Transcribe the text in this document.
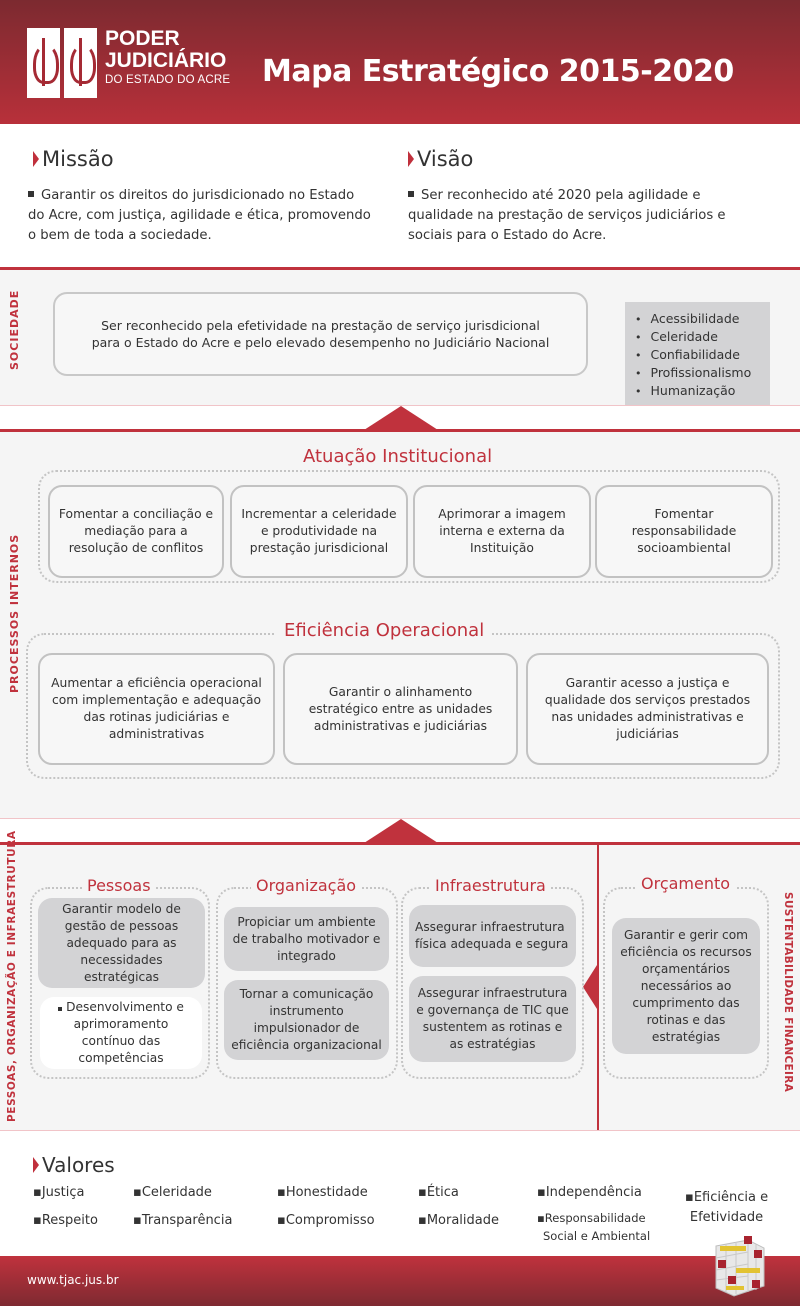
PODER
JUDICIÁRIO
DO ESTADO DO ACRE Mapa Estratégico 2015-2020
Missão
Garantir os direitos do jurisdicionado no Estado do Acre, com justiça, agilidade e ética, promovendo o bem de toda a sociedade.
Visão
Ser reconhecido até 2020 pela agilidade e qualidade na prestação de serviços judiciários e sociais para o Estado do Acre.
SOCIEDADE	Ser reconhecido pela efetividade na prestação de serviço jurisdicional
para o Estado do Acre e pelo elevado desempenho no Judiciário Nacional
• Acessibilidade
• Celeridade
• Confiabilidade
• Profissionalismo
• Humanização
PROCESSOS INTERNOS
Atuação Institucional
Fomentar a conciliação e mediação para a resolução de conflitos
Incrementar a celeridade e produtividade na prestação jurisdicional
Aprimorar a imagem interna e externa da Instituição
Fomentar responsabilidade socioambiental
Eficiência Operacional
Aumentar a eficiência operacional com implementação e adequação das rotinas judiciárias e administrativas
Garantir o alinhamento estratégico entre as unidades administrativas e judiciárias
Garantir acesso a justiça e qualidade dos serviços prestados nas unidades administrativas e judiciárias
PESSOAS, ORGANIZAÇÃO E INFRAESTRUTURA	Pessoas
Garantir modelo de gestão de pessoas adequado para as necessidades estratégicas
Desenvolvimento e aprimoramento contínuo das competências
Organização
Propiciar um ambiente de trabalho motivador e integrado
Tornar a comunicação instrumento impulsionador de eficiência organizacional
Infraestrutura
Assegurar infraestrutura física adequada e segura
Assegurar infraestrutura e governança de TIC que sustentem as rotinas e as estratégias
Orçamento
Garantir e gerir com eficiência os recursos orçamentários necessários ao cumprimento das rotinas e das estratégias	SUSTENTABILIDADE FINANCEIRA
Valores
▪Justiça
▪Respeito
▪Celeridade
▪Transparência
▪Honestidade
▪Compromisso
▪Ética
▪Moralidade
▪Independência
▪Responsabilidade
Social e Ambiental
▪Eficiência e
Efetividade
www.tjac.jus.br
